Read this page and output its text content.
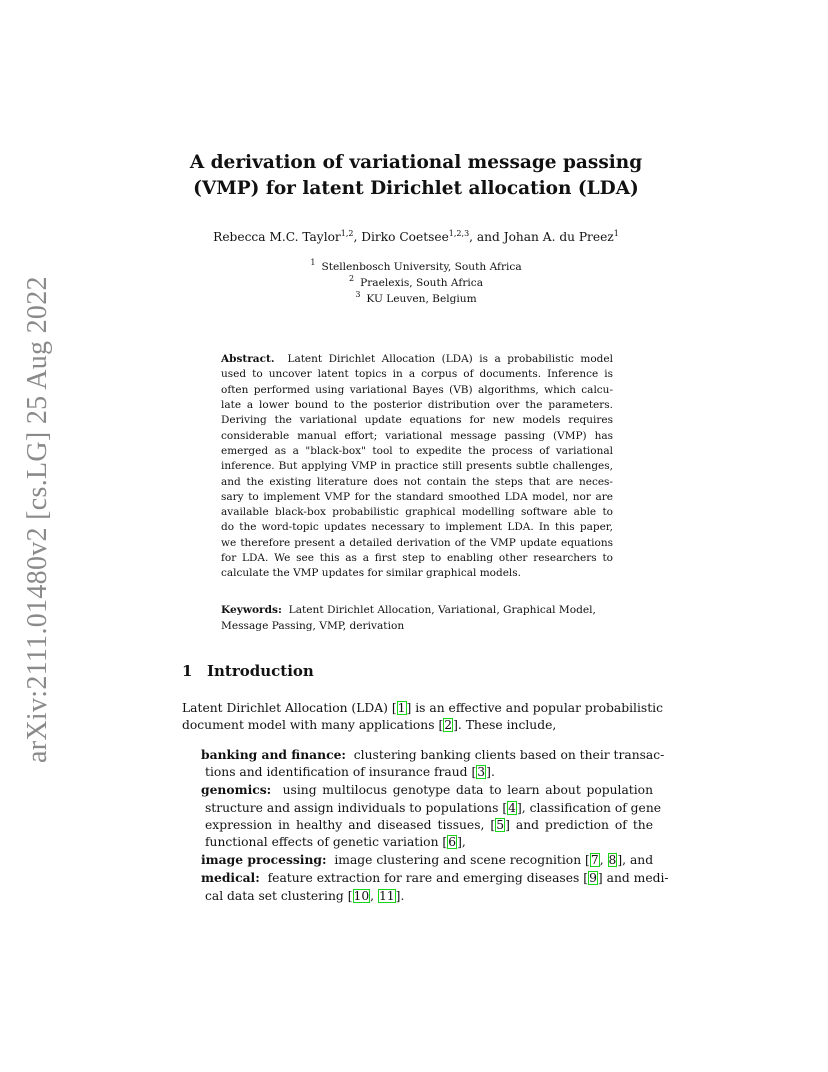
arXiv:2111.01480v2 [cs.LG] 25 Aug 2022
A derivation of variational message passing
(VMP) for latent Dirichlet allocation (LDA)
Rebecca M.C. Taylor$^{1,2}$, Dirko Coetsee$^{1,2,3}$, and Johan A. du Preez$^1$
$^1$ Stellenbosch University, South Africa
$^2$ Praelexis, South Africa
$^3$ KU Leuven, Belgium
Abstract. Latent Dirichlet Allocation (LDA) is a probabilistic model
used to uncover latent topics in a corpus of documents. Inference is
often performed using variational Bayes (VB) algorithms, which calcu-
late a lower bound to the posterior distribution over the parameters.
Deriving the variational update equations for new models requires
considerable manual effort; variational message passing (VMP) has
emerged as a "black-box" tool to expedite the process of variational
inference. But applying VMP in practice still presents subtle challenges,
and the existing literature does not contain the steps that are neces-
sary to implement VMP for the standard smoothed LDA model, nor are
available black-box probabilistic graphical modelling software able to
do the word-topic updates necessary to implement LDA. In this paper,
we therefore present a detailed derivation of the VMP update equations
for LDA. We see this as a first step to enabling other researchers to
calculate the VMP updates for similar graphical models.
Keywords: Latent Dirichlet Allocation, Variational, Graphical Model,
Message Passing, VMP, derivation
1 Introduction
Latent Dirichlet Allocation (LDA) [1] is an effective and popular probabilistic
document model with many applications [2]. These include,
banking and finance: clustering banking clients based on their transac-
tions and identification of insurance fraud [3].
genomics: using multilocus genotype data to learn about population
structure and assign individuals to populations [4], classification of gene
expression in healthy and diseased tissues, [5] and prediction of the
functional effects of genetic variation [6],
image processing: image clustering and scene recognition [7, 8], and
medical: feature extraction for rare and emerging diseases [9] and medi-
cal data set clustering [10, 11].
